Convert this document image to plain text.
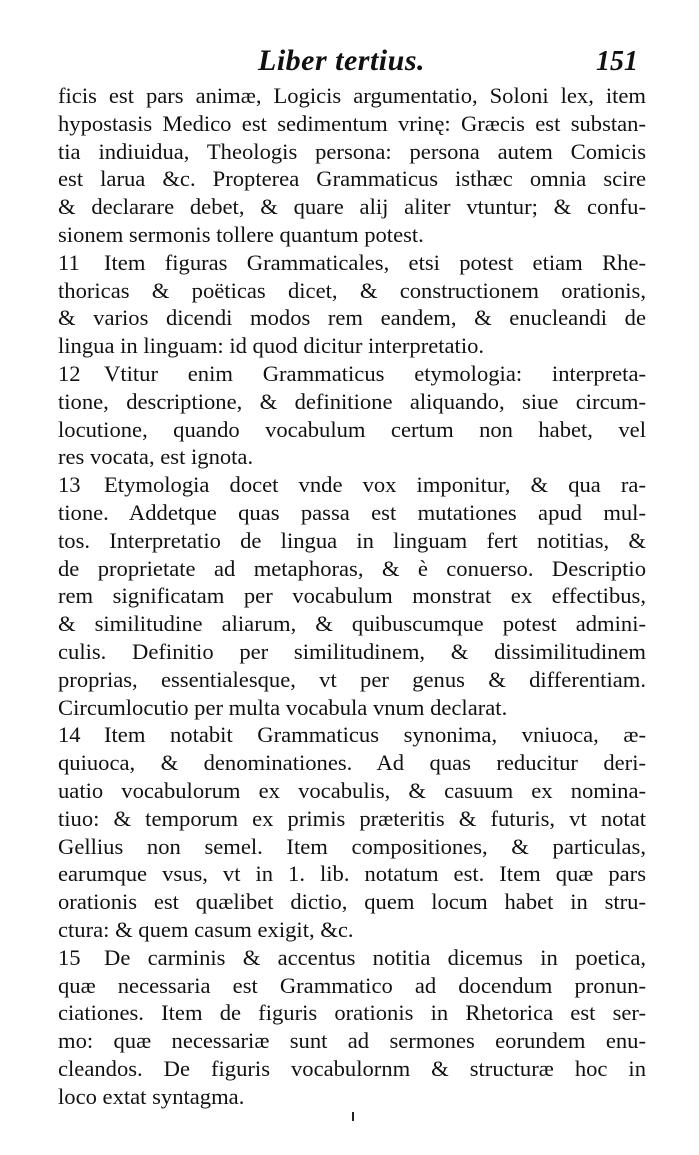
Liber tertius.	151
ficis est pars animæ, Logicis argumentatio, Soloni lex, item
hypostasis Medico est sedimentum vrinę: Græcis est substan-
tia indiuidua, Theologis persona: persona autem Comicis
est larua &c. Propterea Grammaticus isthæc omnia scire
& declarare debet, & quare alij aliter vtuntur; & confu-
sionem sermonis tollere quantum potest.
11 Item figuras Grammaticales, etsi potest etiam Rhe-
thoricas & poëticas dicet, & constructionem orationis,
& varios dicendi modos rem eandem, & enucleandi de
lingua in linguam: id quod dicitur interpretatio.
12 Vtitur enim Grammaticus etymologia: interpreta-
tione, descriptione, & definitione aliquando, siue circum-
locutione, quando vocabulum certum non habet, vel
res vocata, est ignota.
13 Etymologia docet vnde vox imponitur, & qua ra-
tione. Addetque quas passa est mutationes apud mul-
tos. Interpretatio de lingua in linguam fert notitias, &
de proprietate ad metaphoras, & è conuerso. Descriptio
rem significatam per vocabulum monstrat ex effectibus,
& similitudine aliarum, & quibuscumque potest admini-
culis. Definitio per similitudinem, & dissimilitudinem
proprias, essentialesque, vt per genus & differentiam.
Circumlocutio per multa vocabula vnum declarat.
14 Item notabit Grammaticus synonima, vniuoca, æ-
quiuoca, & denominationes. Ad quas reducitur deri-
uatio vocabulorum ex vocabulis, & casuum ex nomina-
tiuo: & temporum ex primis præteritis & futuris, vt notat
Gellius non semel. Item compositiones, & particulas,
earumque vsus, vt in 1. lib. notatum est. Item quæ pars
orationis est quælibet dictio, quem locum habet in stru-
ctura: & quem casum exigit, &c.
15 De carminis & accentus notitia dicemus in poetica,
quæ necessaria est Grammatico ad docendum pronun-
ciationes. Item de figuris orationis in Rhetorica est ser-
mo: quæ necessariæ sunt ad sermones eorundem enu-
cleandos. De figuris vocabulornm & structuræ hoc in
loco extat syntagma.
